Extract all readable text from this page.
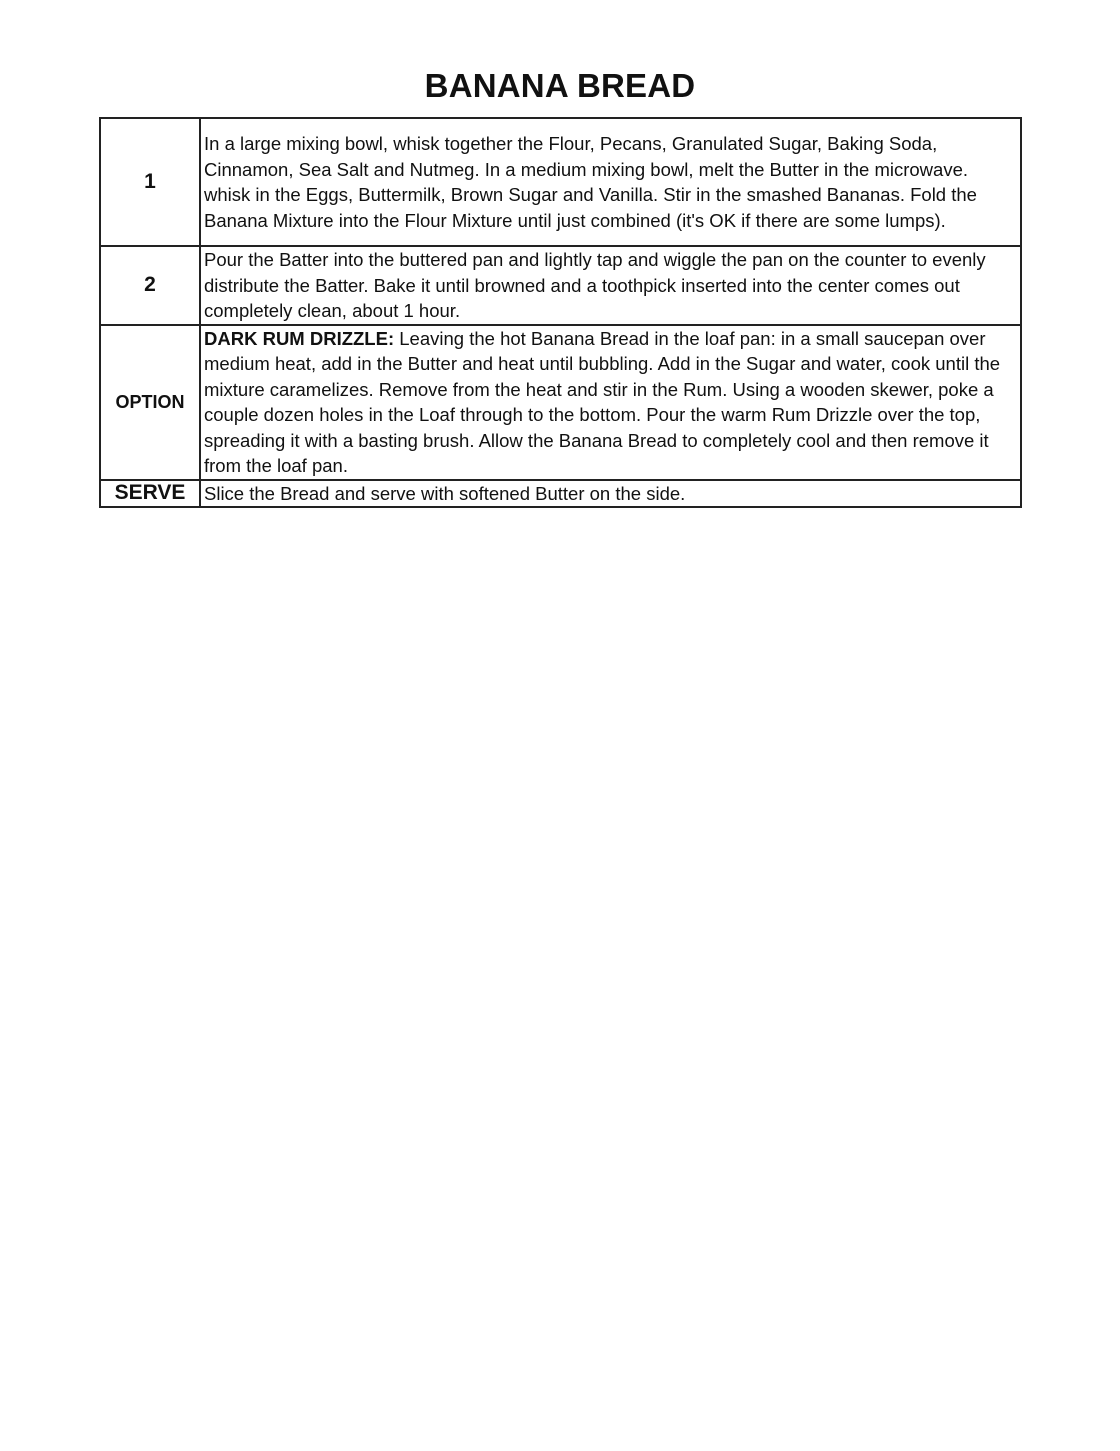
BANANA BREAD
1	In a large mixing bowl, whisk together the Flour, Pecans, Granulated Sugar, Baking Soda, Cinnamon, Sea Salt and Nutmeg. In a medium mixing bowl, melt the Butter in the microwave. whisk in the Eggs, Buttermilk, Brown Sugar and Vanilla. Stir in the smashed Bananas. Fold the Banana Mixture into the Flour Mixture until just combined (it's OK if there are some lumps).
2	Pour the Batter into the buttered pan and lightly tap and wiggle the pan on the counter to evenly distribute the Batter. Bake it until browned and a toothpick inserted into the center comes out completely clean, about 1 hour.
OPTION	DARK RUM DRIZZLE: Leaving the hot Banana Bread in the loaf pan: in a small saucepan over medium heat, add in the Butter and heat until bubbling. Add in the Sugar and water, cook until the mixture caramelizes. Remove from the heat and stir in the Rum. Using a wooden skewer, poke a couple dozen holes in the Loaf through to the bottom. Pour the warm Rum Drizzle over the top, spreading it with a basting brush. Allow the Banana Bread to completely cool and then remove it from the loaf pan.
SERVE	Slice the Bread and serve with softened Butter on the side.
